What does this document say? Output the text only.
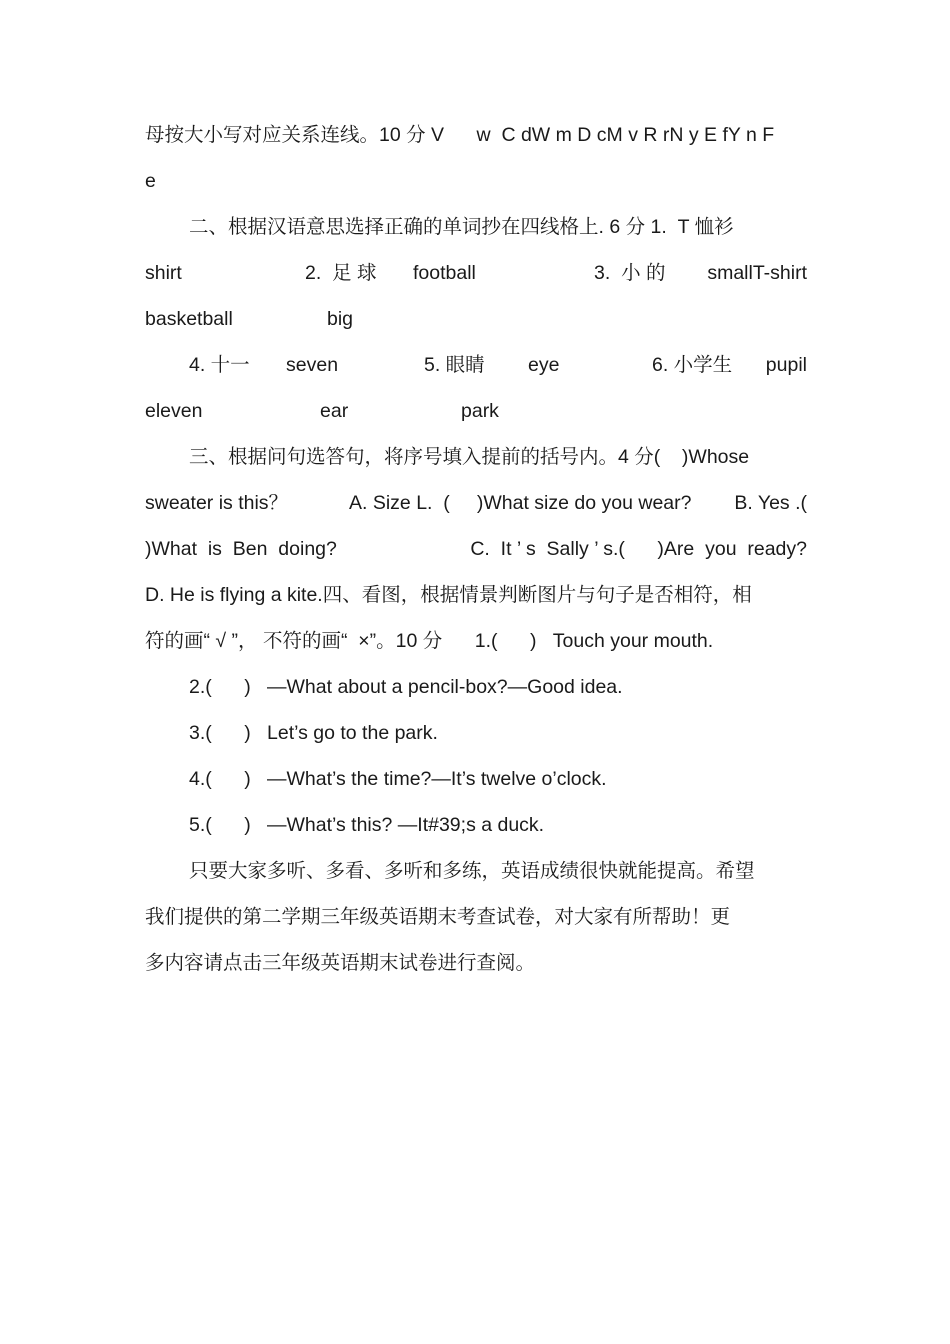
母按大小写对应关系连线。10 分 V      w  C dW m D cM v R rN y E fY n F
e
二、根据汉语意思选择正确的单词抄在四线格上. 6 分 1.  T 恤衫
shirt	2.  足 球 football	3.  小 的 smallT-shirt
basketball	big
4. 十一 seven	5. 眼睛 eye	6. 小学生 pupil
eleven	ear	park
三、根据问句选答句，将序号填入提前的括号内。4 分(    )Whose
sweater is this？	A. Size L.  (     )What size do you wear? B. Yes .(
)What  is  Ben  doing?	C.  It ’ s  Sally ’ s.(      )Are  you  ready?
D. He is flying a kite.四、看图，根据情景判断图片与句子是否相符，相
符的画“ √ ”， 不符的画“  ×”。10 分      1.(      )   Touch your mouth.
2.(      )   —What about a pencil-box?—Good idea.
3.(      )   Let’s go to the park.
4.(      )   —What’s the time?—It’s twelve o’clock.
5.(      )   —What’s this? —It#39;s a duck.
只要大家多听、多看、多听和多练，英语成绩很快就能提高。希望
我们提供的第二学期三年级英语期末考查试卷，对大家有所帮助！更
多内容请点击三年级英语期末试卷进行查阅。
